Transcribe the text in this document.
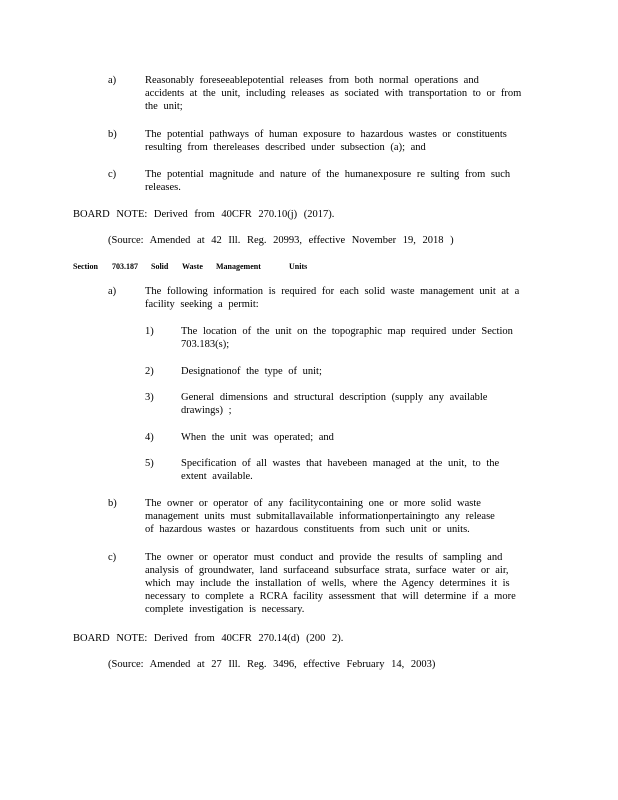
a)	Reasonably foreseeablepotential releases from both normal operations and
accidents at the unit, including releases as sociated with transportation to or from
the unit;
b)	The potential pathways of human exposure to hazardous wastes or constituents
resulting from thereleases described under subsection (a); and
c)	The potential magnitude and nature of the humanexposure re sulting from such
releases.
BOARD NOTE: Derived from 40CFR 270.10(j) (2017).
(Source: Amended at 42 Ill. Reg. 20993, effective November 19, 2018 )
Section 703.187 Solid Waste Management	Units
a)	The following information is required for each solid waste management unit at a
facility seeking a permit:
1)	The location of the unit on the topographic map required under Section
703.183(s);
2)	Designationof the type of unit;
3)	General dimensions and structural description (supply any available
drawings) ;
4)	When the unit was operated; and
5)	Specification of all wastes that havebeen managed at the unit, to the
extent available.
b)	The owner or operator of any facilitycontaining one or more solid waste
management units must submitallavailable informationpertainingto any release
of hazardous wastes or hazardous constituents from such unit or units.
c)	The owner or operator must conduct and provide the results of sampling and
analysis of groundwater, land surfaceand subsurface strata, surface water or air,
which may include the installation of wells, where the Agency determines it is
necessary to complete a RCRA facility assessment that will determine if a more
complete investigation is necessary.
BOARD NOTE: Derived from 40CFR 270.14(d) (200 2).
(Source: Amended at 27 Ill. Reg. 3496, effective February 14, 2003)
